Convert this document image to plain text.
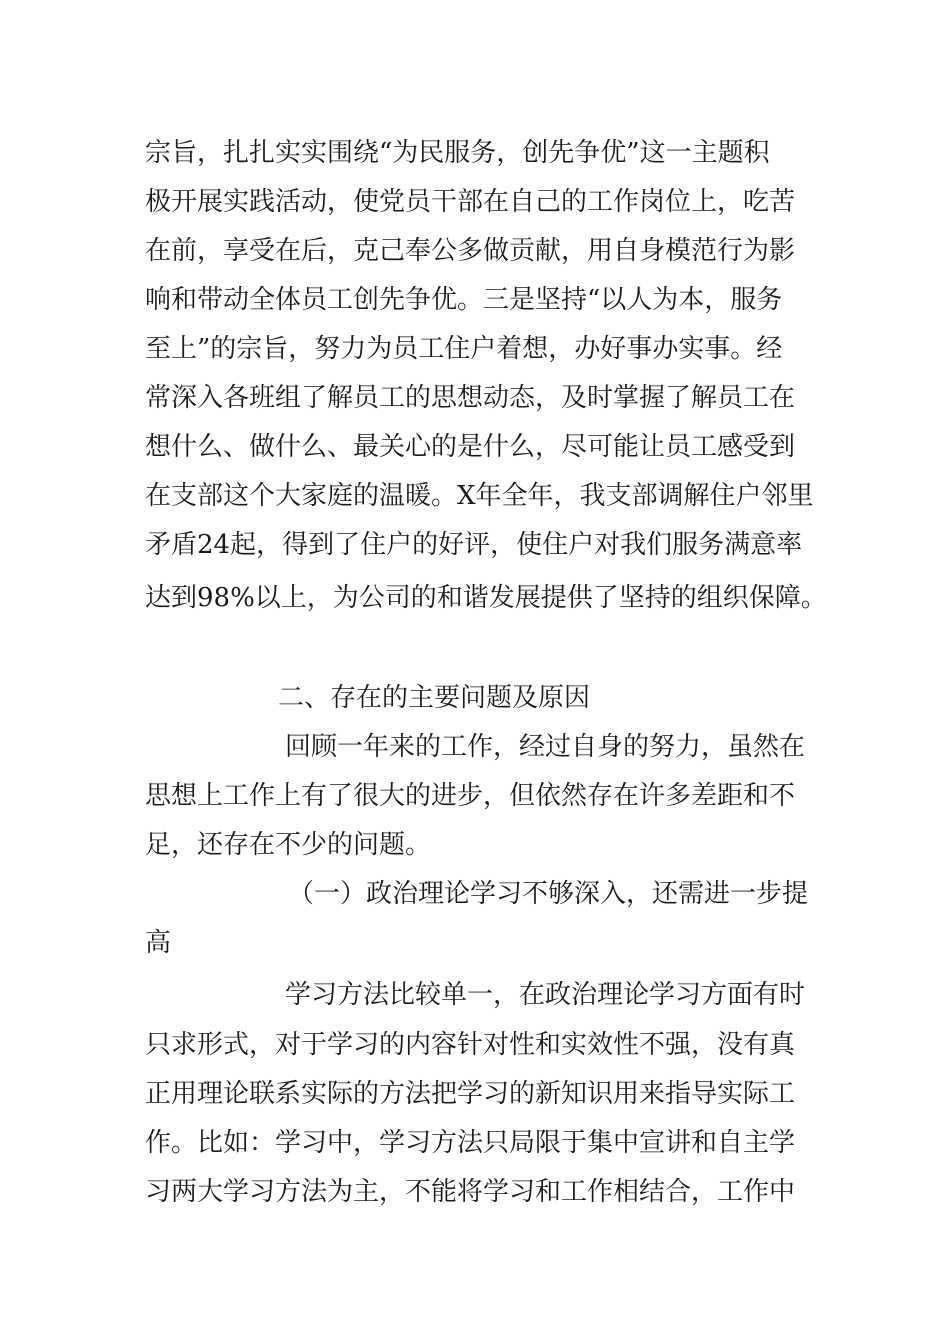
宗旨，扎扎实实围绕“为民服务，创先争优”这一主题积
极开展实践活动，使党员干部在自己的工作岗位上，吃苦
在前，享受在后，克己奉公多做贡献，用自身模范行为影
响和带动全体员工创先争优。三是坚持“以人为本，服务
至上”的宗旨，努力为员工住户着想，办好事办实事。经
常深入各班组了解员工的思想动态，及时掌握了解员工在
想什么、做什么、最关心的是什么，尽可能让员工感受到
在支部这个大家庭的温暖。X年全年，我支部调解住户邻里
矛盾24起，得到了住户的好评，使住户对我们服务满意率
达到98%以上，为公司的和谐发展提供了坚持的组织保障。
二、存在的主要问题及原因
回顾一年来的工作，经过自身的努力，虽然在
思想上工作上有了很大的进步，但依然存在许多差距和不
足，还存在不少的问题。
（一）政治理论学习不够深入，还需进一步提
高
学习方法比较单一，在政治理论学习方面有时
只求形式，对于学习的内容针对性和实效性不强，没有真
正用理论联系实际的方法把学习的新知识用来指导实际工
作。比如：学习中，学习方法只局限于集中宣讲和自主学
习两大学习方法为主，不能将学习和工作相结合，工作中
